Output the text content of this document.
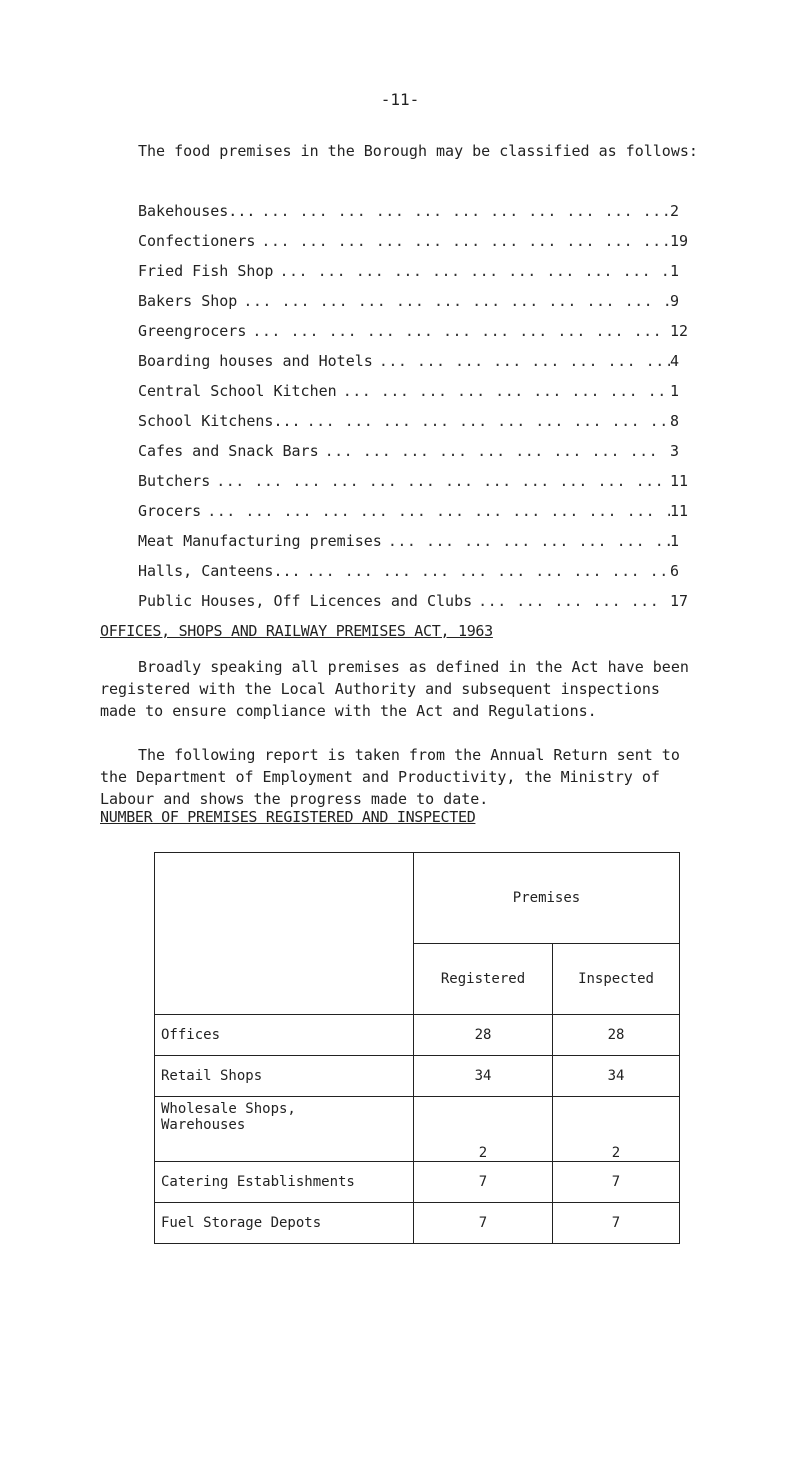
-11-

The food premises in the Borough may be classified as follows:

Bakehouses... ... .	2
Confectioners ... .	19
Fried Fish Shop ... .	1
Bakers Shop ... .	9
Greengrocers ... .	12
Boarding houses and Hotels ... .	4
Central School Kitchen ... .	1
School Kitchens... ... .	8
Cafes and Snack Bars ... .	3
Butchers ... .	11
Grocers ... .	11
Meat Manufacturing premises ... .	1
Halls, Canteens... ... .	6
Public Houses, Off Licences and Clubs ... .	17
OFFICES, SHOPS AND RAILWAY PREMISES ACT, 1963

Broadly speaking all premises as defined in the Act have been registered with the Local Authority and subsequent inspections made to ensure compliance with the Act and Regulations.

The following report is taken from the Annual Return sent to the Department of Employment and Productivity, the Ministry of Labour and shows the progress made to date.

NUMBER OF PREMISES REGISTERED AND INSPECTED
	Premises	
	Registered	Inspected
Offices	28	28
Retail Shops	34	34
Wholesale Shops,
Warehouses	2	2
Catering Establishments	7	7
Fuel Storage Depots	7	7
